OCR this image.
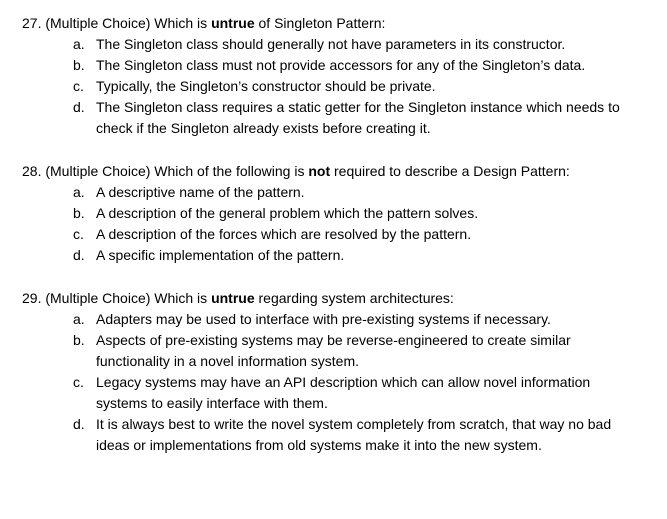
27. (Multiple Choice) Which is untrue of Singleton Pattern:
a. The Singleton class should generally not have parameters in its constructor.
b. The Singleton class must not provide accessors for any of the Singleton’s data.
c. Typically, the Singleton’s constructor should be private.
d. The Singleton class requires a static getter for the Singleton instance which needs to check if the Singleton already exists before creating it.
28. (Multiple Choice) Which of the following is not required to describe a Design Pattern:
a. A descriptive name of the pattern.
b. A description of the general problem which the pattern solves.
c. A description of the forces which are resolved by the pattern.
d. A specific implementation of the pattern.
29. (Multiple Choice) Which is untrue regarding system architectures:
a. Adapters may be used to interface with pre-existing systems if necessary.
b. Aspects of pre-existing systems may be reverse-engineered to create similar functionality in a novel information system.
c. Legacy systems may have an API description which can allow novel information systems to easily interface with them.
d. It is always best to write the novel system completely from scratch, that way no bad ideas or implementations from old systems make it into the new system.
